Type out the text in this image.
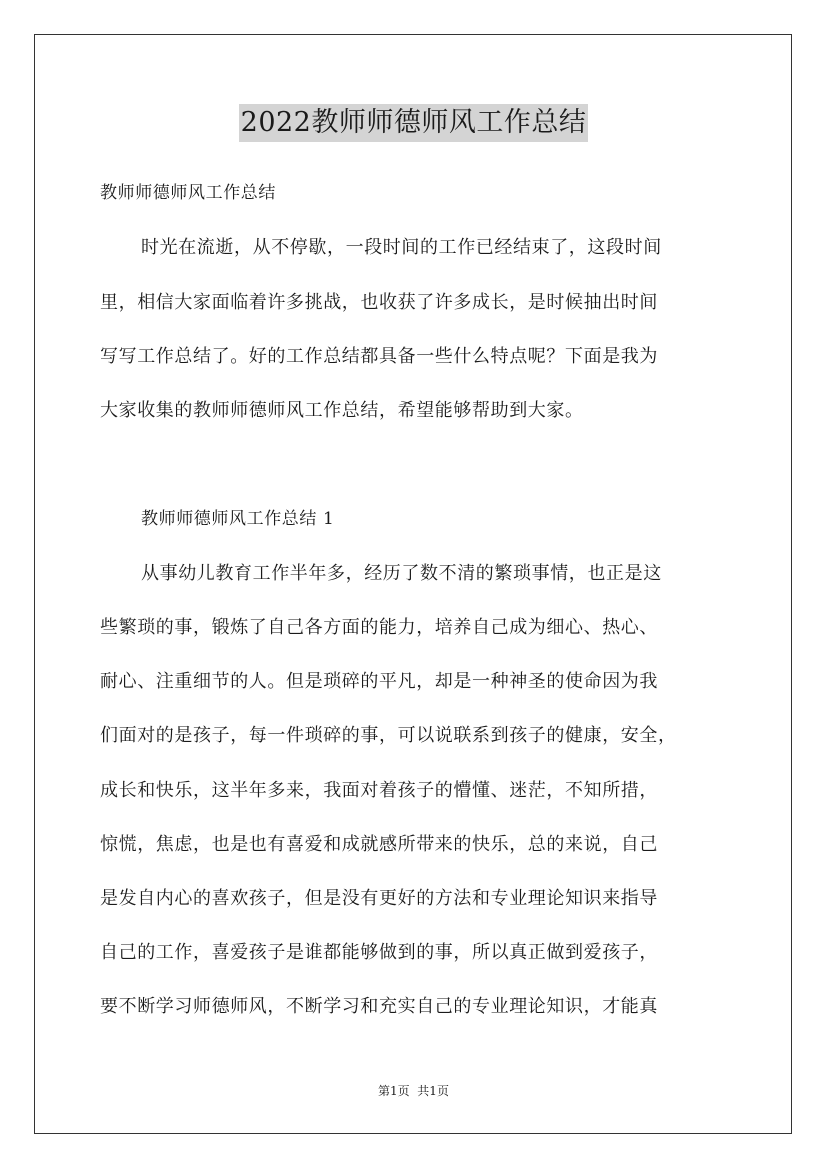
2022教师师德师风工作总结
教师师德师风工作总结
时光在流逝，从不停歇，一段时间的工作已经结束了，这段时间
里，相信大家面临着许多挑战，也收获了许多成长，是时候抽出时间
写写工作总结了。好的工作总结都具备一些什么特点呢？下面是我为
大家收集的教师师德师风工作总结，希望能够帮助到大家。
教师师德师风工作总结 1
从事幼儿教育工作半年多，经历了数不清的繁琐事情，也正是这
些繁琐的事，锻炼了自己各方面的能力，培养自己成为细心、热心、
耐心、注重细节的人。但是琐碎的平凡，却是一种神圣的使命因为我
们面对的是孩子，每一件琐碎的事，可以说联系到孩子的健康，安全，
成长和快乐，这半年多来，我面对着孩子的懵懂、迷茫，不知所措，
惊慌，焦虑，也是也有喜爱和成就感所带来的快乐，总的来说，自己
是发自内心的喜欢孩子，但是没有更好的方法和专业理论知识来指导
自己的工作，喜爱孩子是谁都能够做到的事，所以真正做到爱孩子，
要不断学习师德师风，不断学习和充实自己的专业理论知识，才能真
第1页  共1页
